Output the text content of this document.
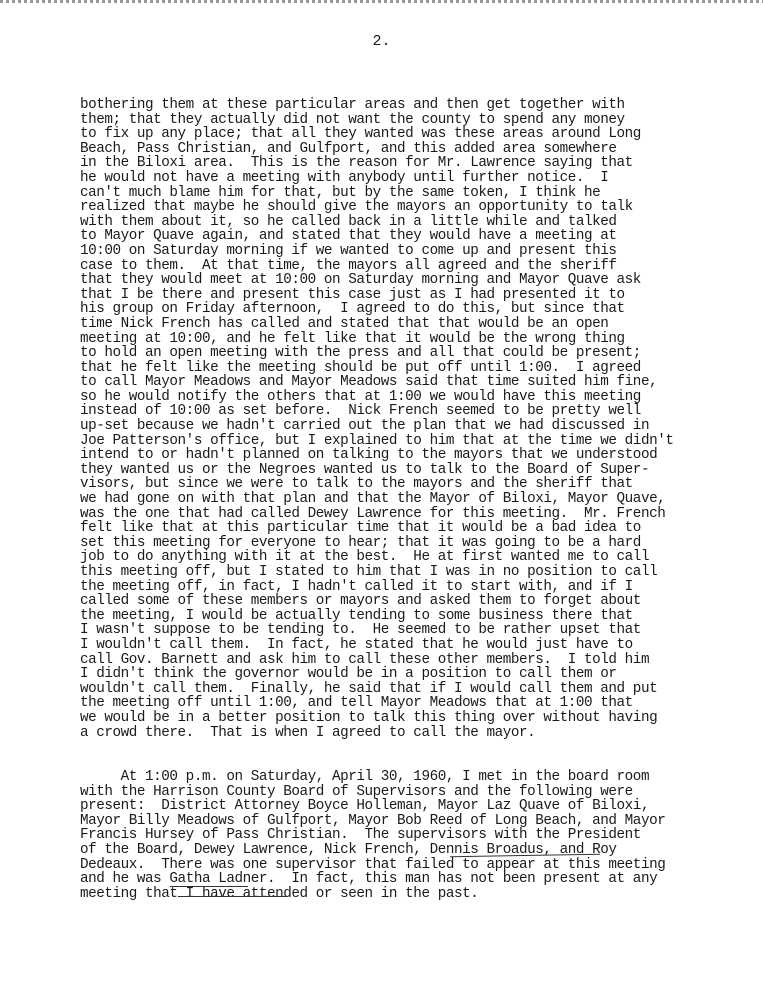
2.
bothering them at these particular areas and then get together with
them; that they actually did not want the county to spend any money
to fix up any place; that all they wanted was these areas around Long
Beach, Pass Christian, and Gulfport, and this added area somewhere
in the Biloxi area.  This is the reason for Mr. Lawrence saying that
he would not have a meeting with anybody until further notice.  I
can't much blame him for that, but by the same token, I think he
realized that maybe he should give the mayors an opportunity to talk
with them about it, so he called back in a little while and talked
to Mayor Quave again, and stated that they would have a meeting at
10:00 on Saturday morning if we wanted to come up and present this
case to them.  At that time, the mayors all agreed and the sheriff
that they would meet at 10:00 on Saturday morning and Mayor Quave ask
that I be there and present this case just as I had presented it to
his group on Friday afternoon,  I agreed to do this, but since that
time Nick French has called and stated that that would be an open
meeting at 10:00, and he felt like that it would be the wrong thing
to hold an open meeting with the press and all that could be present;
that he felt like the meeting should be put off until 1:00.  I agreed
to call Mayor Meadows and Mayor Meadows said that time suited him fine,
so he would notify the others that at 1:00 we would have this meeting
instead of 10:00 as set before.  Nick French seemed to be pretty well
up-set because we hadn't carried out the plan that we had discussed in
Joe Patterson's office, but I explained to him that at the time we didn't
intend to or hadn't planned on talking to the mayors that we understood
they wanted us or the Negroes wanted us to talk to the Board of Super-
visors, but since we were to talk to the mayors and the sheriff that
we had gone on with that plan and that the Mayor of Biloxi, Mayor Quave,
was the one that had called Dewey Lawrence for this meeting.  Mr. French
felt like that at this particular time that it would be a bad idea to
set this meeting for everyone to hear; that it was going to be a hard
job to do anything with it at the best.  He at first wanted me to call
this meeting off, but I stated to him that I was in no position to call
the meeting off, in fact, I hadn't called it to start with, and if I
called some of these members or mayors and asked them to forget about
the meeting, I would be actually tending to some business there that
I wasn't suppose to be tending to.  He seemed to be rather upset that
I wouldn't call them.  In fact, he stated that he would just have to
call Gov. Barnett and ask him to call these other members.  I told him
I didn't think the governor would be in a position to call them or
wouldn't call them.  Finally, he said that if I would call them and put
the meeting off until 1:00, and tell Mayor Meadows that at 1:00 that
we would be in a better position to talk this thing over without having
a crowd there.  That is when I agreed to call the mayor.
At 1:00 p.m. on Saturday, April 30, 1960, I met in the board room
with the Harrison County Board of Supervisors and the following were
present:  District Attorney Boyce Holleman, Mayor Laz Quave of Biloxi,
Mayor Billy Meadows of Gulfport, Mayor Bob Reed of Long Beach, and Mayor
Francis Hursey of Pass Christian.  The supervisors with the President
of the Board, Dewey Lawrence, Nick French, Dennis Broadus, and Roy
Dedeaux.  There was one supervisor that failed to appear at this meeting
and he was Gatha Ladner.  In fact, this man has not been present at any
meeting that I have attended or seen in the past.
